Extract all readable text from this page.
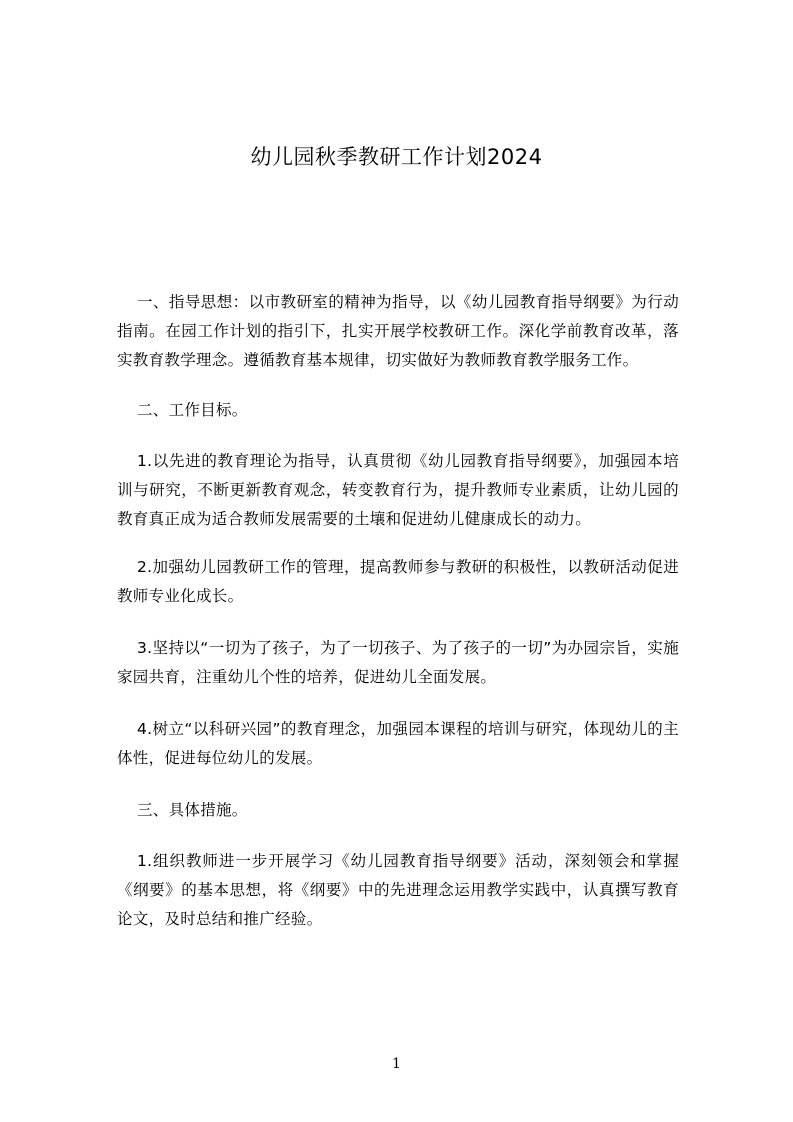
幼儿园秋季教研工作计划2024

一、指导思想：以市教研室的精神为指导，以《幼儿园教育指导纲要》为行动指南。在园工作计划的指引下，扎实开展学校教研工作。深化学前教育改革，落实教育教学理念。遵循教育基本规律，切实做好为教师教育教学服务工作。

二、工作目标。

1.以先进的教育理论为指导，认真贯彻《幼儿园教育指导纲要》，加强园本培训与研究，不断更新教育观念，转变教育行为，提升教师专业素质，让幼儿园的教育真正成为适合教师发展需要的土壤和促进幼儿健康成长的动力。

2.加强幼儿园教研工作的管理，提高教师参与教研的积极性，以教研活动促进教师专业化成长。

3.坚持以“一切为了孩子，为了一切孩子、为了孩子的一切”为办园宗旨，实施家园共育，注重幼儿个性的培养，促进幼儿全面发展。

4.树立“以科研兴园”的教育理念，加强园本课程的培训与研究，体现幼儿的主体性，促进每位幼儿的发展。

三、具体措施。

1.组织教师进一步开展学习《幼儿园教育指导纲要》活动，深刻领会和掌握《纲要》的基本思想，将《纲要》中的先进理念运用教学实践中，认真撰写教育论文，及时总结和推广经验。

1
